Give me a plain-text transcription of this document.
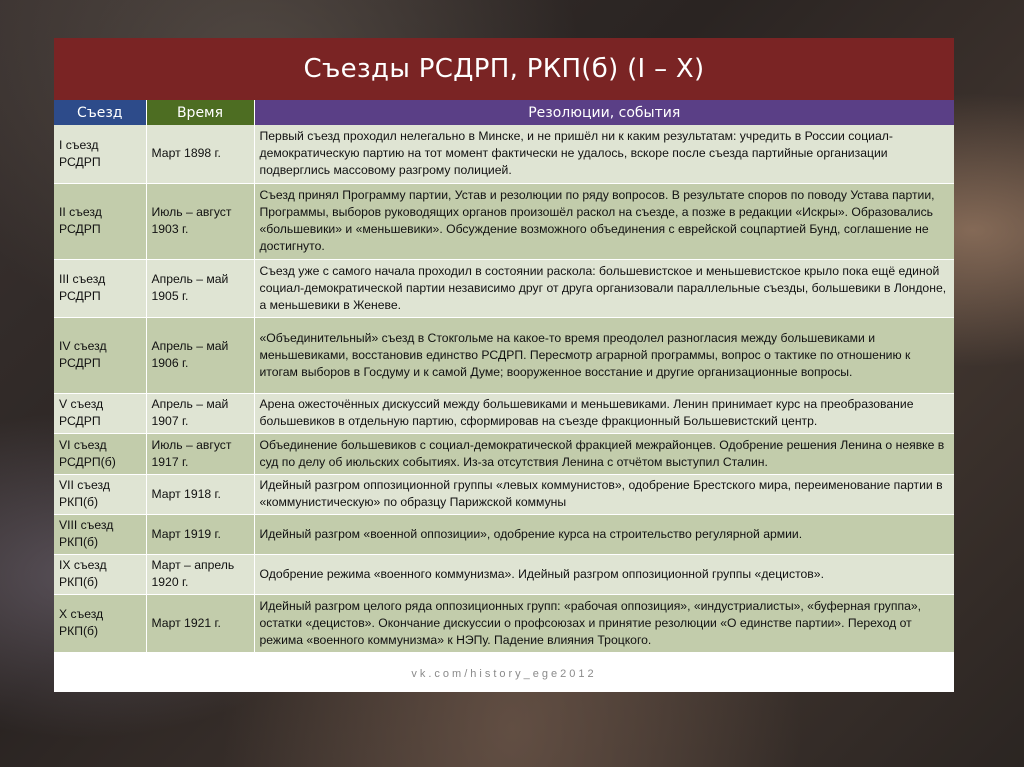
Съезды РСДРП, РКП(б) (I – X)
Съезд	Время	Резолюции, события
I съезд РСДРП	Март 1898 г.	Первый съезд проходил нелегально в Минске, и не пришёл ни к каким результатам: учредить в России социал-демократическую партию на тот момент фактически не удалось, вскоре после съезда партийные организации подверглись массовому разгрому полицией.
II съезд РСДРП	Июль – август 1903 г.	Съезд принял Программу партии, Устав и резолюции по ряду вопросов. В результате споров по поводу Устава партии, Программы, выборов руководящих органов произошёл раскол на съезде, а позже в редакции «Искры». Образовались «большевики» и «меньшевики». Обсуждение возможного объединения с еврейской соцпартией Бунд, соглашение не достигнуто.
III съезд РСДРП	Апрель – май 1905 г.	Съезд уже с самого начала проходил в состоянии раскола: большевистское и меньшевистское крыло пока ещё единой социал-демократической партии независимо друг от друга организовали параллельные съезды, большевики в Лондоне, а меньшевики в Женеве.
IV съезд РСДРП	Апрель – май 1906 г.	«Объединительный» съезд в Стокгольме на какое-то время преодолел разногласия между большевиками и меньшевиками, восстановив единство РСДРП. Пересмотр аграрной программы, вопрос о тактике по отношению к итогам выборов в Госдуму и к самой Думе; вооруженное восстание и другие организационные вопросы.
V съезд РСДРП	Апрель – май 1907 г.	Арена ожесточённых дискуссий между большевиками и меньшевиками. Ленин принимает курс на преобразование большевиков в отдельную партию, сформировав на съезде фракционный Большевистский центр.
VI съезд РСДРП(б)	Июль – август 1917 г.	Объединение большевиков с социал-демократической фракцией межрайонцев. Одобрение решения Ленина о неявке в суд по делу об июльских событиях. Из-за отсутствия Ленина с отчётом выступил Сталин.
VII съезд РКП(б)	Март 1918 г.	Идейный разгром оппозиционной группы «левых коммунистов», одобрение Брестского мира, переименование партии в «коммунистическую» по образцу Парижской коммуны
VIII съезд РКП(б)	Март 1919 г.	Идейный разгром «военной оппозиции», одобрение курса на строительство регулярной армии.
IX съезд РКП(б)	Март – апрель 1920 г.	Одобрение режима «военного коммунизма». Идейный разгром оппозиционной группы «децистов».
X съезд РКП(б)	Март 1921 г.	Идейный разгром целого ряда оппозиционных групп: «рабочая оппозиция», «индустриалисты», «буферная группа», остатки «децистов». Окончание дискуссии о профсоюзах и принятие резолюции «О единстве партии». Переход от режима «военного коммунизма» к НЭПу. Падение влияния Троцкого.
vk.com/history_ege2012
